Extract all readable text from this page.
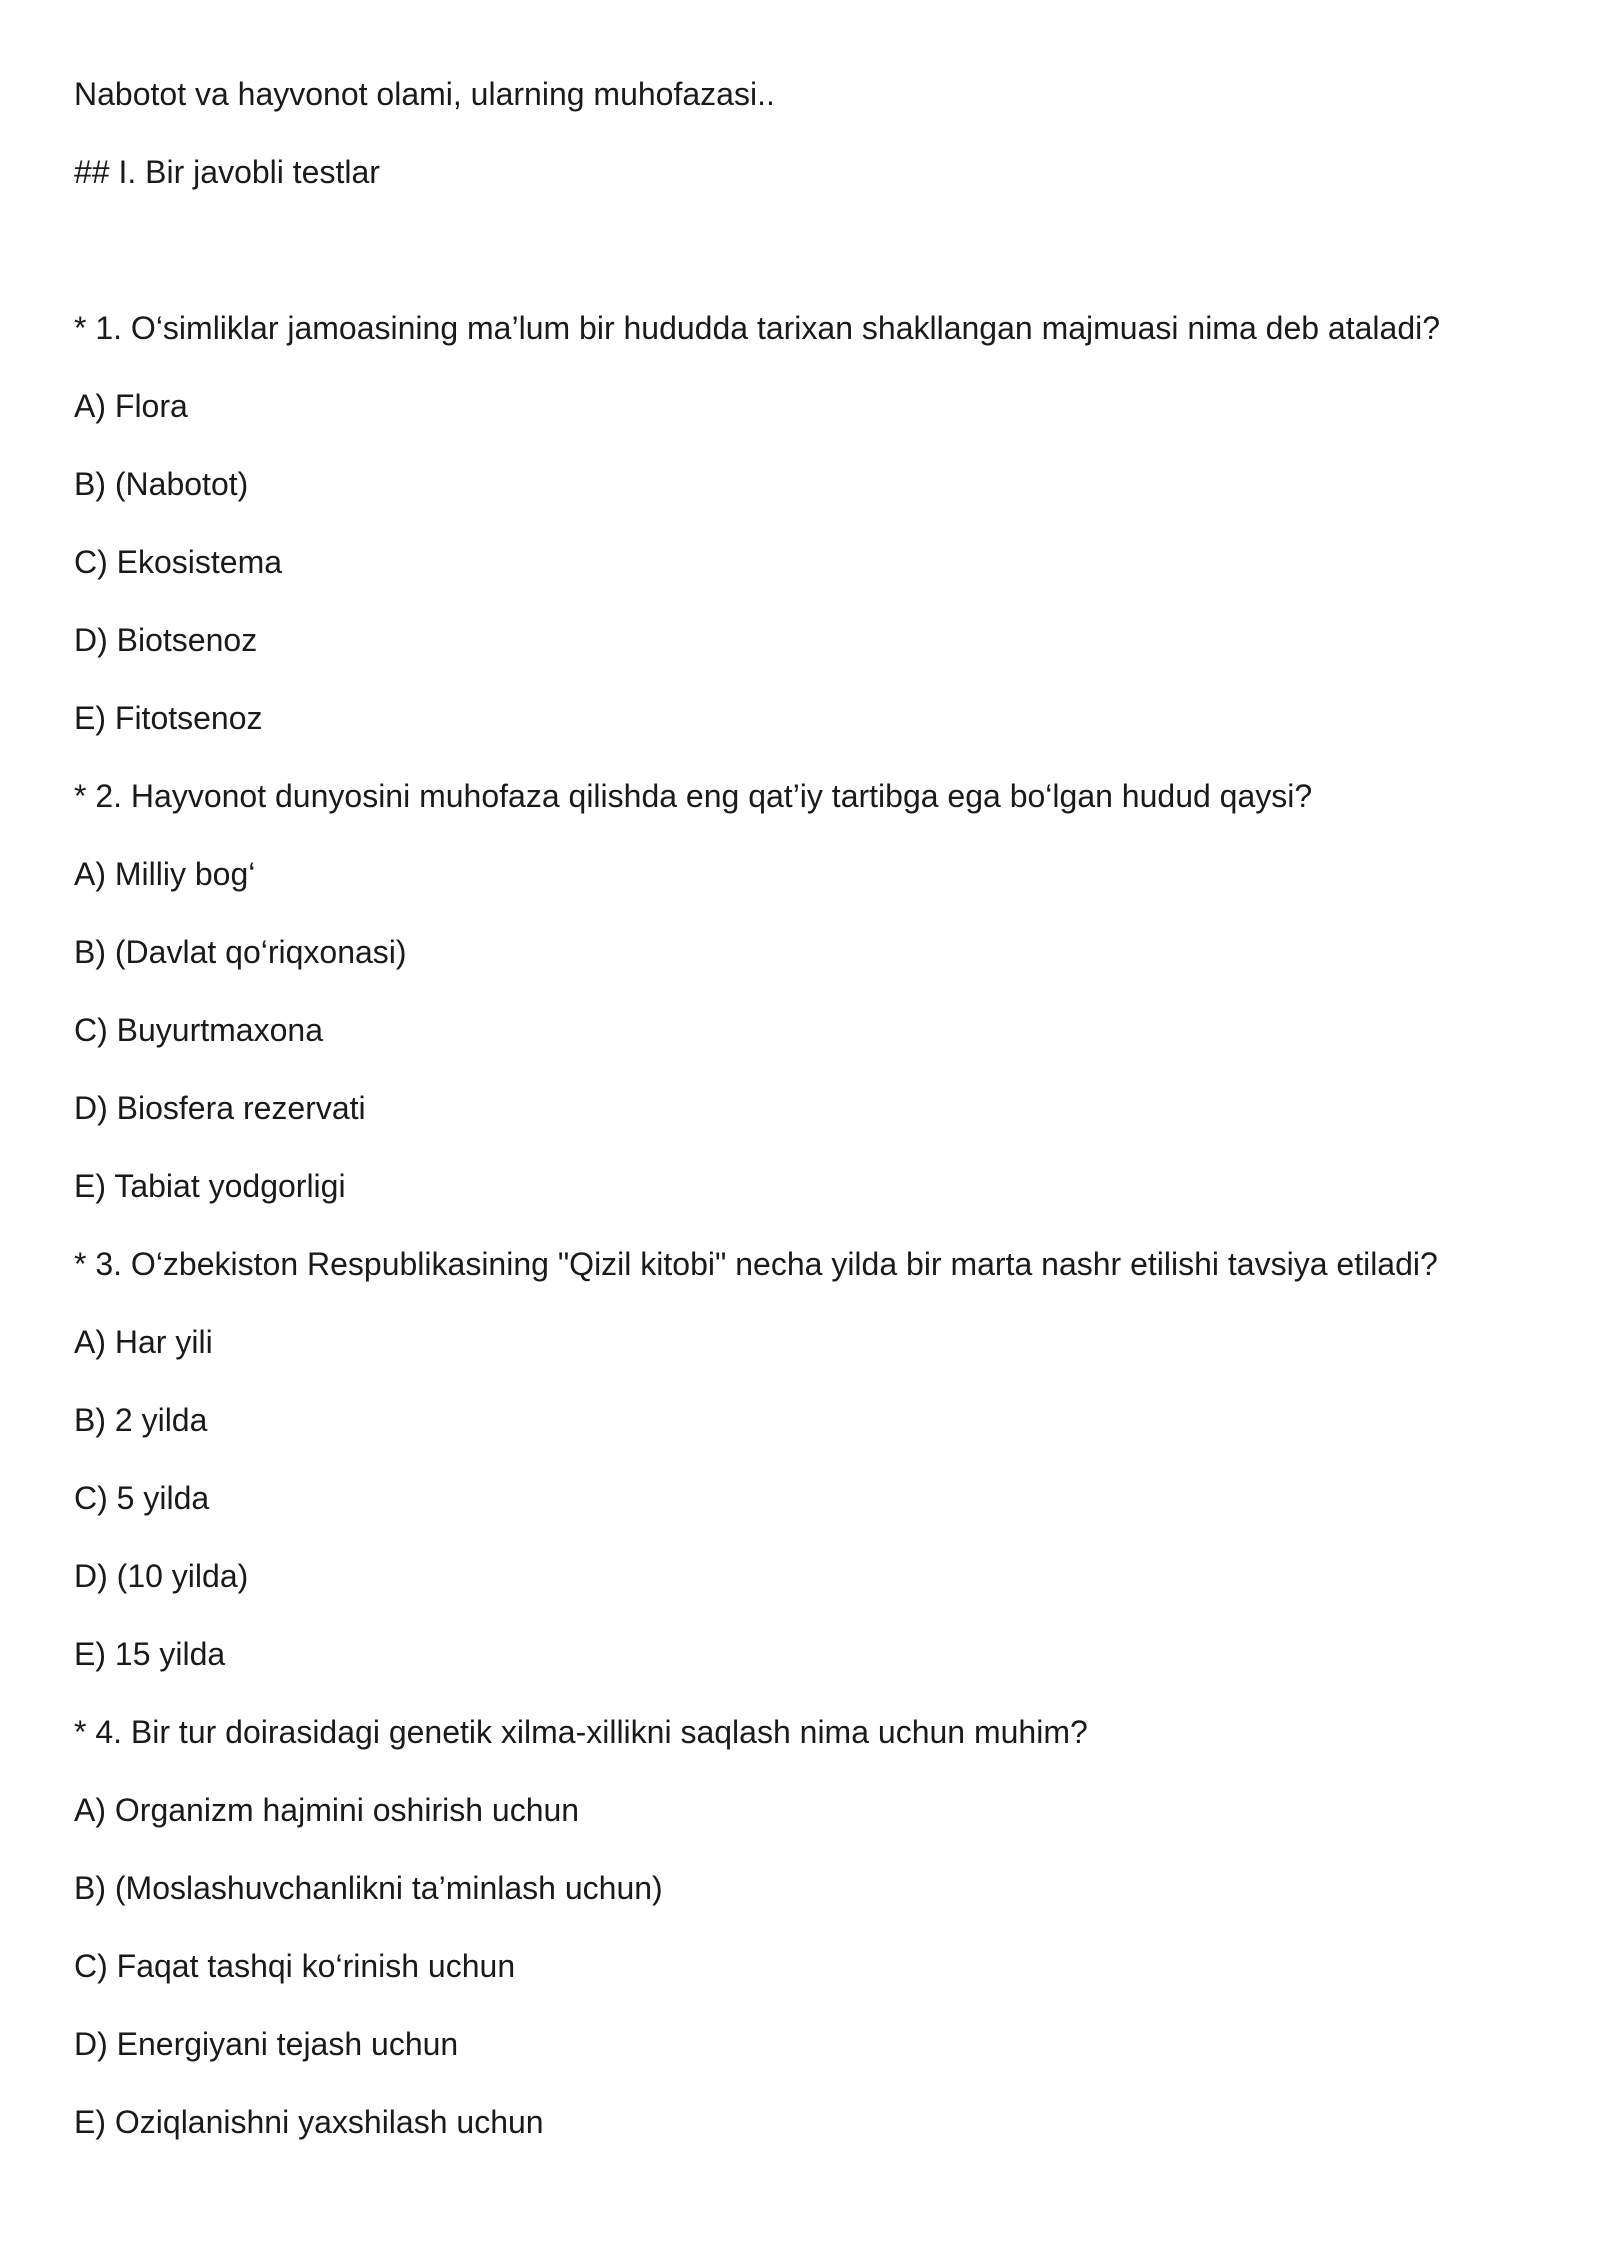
Nabotot va hayvonot olami, ularning muhofazasi..
## I. Bir javobli testlar
* 1. O‘simliklar jamoasining ma’lum bir hududda tarixan shakllangan majmuasi nima deb ataladi?
A) Flora
B) (Nabotot)
C) Ekosistema
D) Biotsenoz
E) Fitotsenoz
* 2. Hayvonot dunyosini muhofaza qilishda eng qat’iy tartibga ega bo‘lgan hudud qaysi?
A) Milliy bog‘
B) (Davlat qo‘riqxonasi)
C) Buyurtmaxona
D) Biosfera rezervati
E) Tabiat yodgorligi
* 3. O‘zbekiston Respublikasining "Qizil kitobi" necha yilda bir marta nashr etilishi tavsiya etiladi?
A) Har yili
B) 2 yilda
C) 5 yilda
D) (10 yilda)
E) 15 yilda
* 4. Bir tur doirasidagi genetik xilma-xillikni saqlash nima uchun muhim?
A) Organizm hajmini oshirish uchun
B) (Moslashuvchanlikni ta’minlash uchun)
C) Faqat tashqi ko‘rinish uchun
D) Energiyani tejash uchun
E) Oziqlanishni yaxshilash uchun
